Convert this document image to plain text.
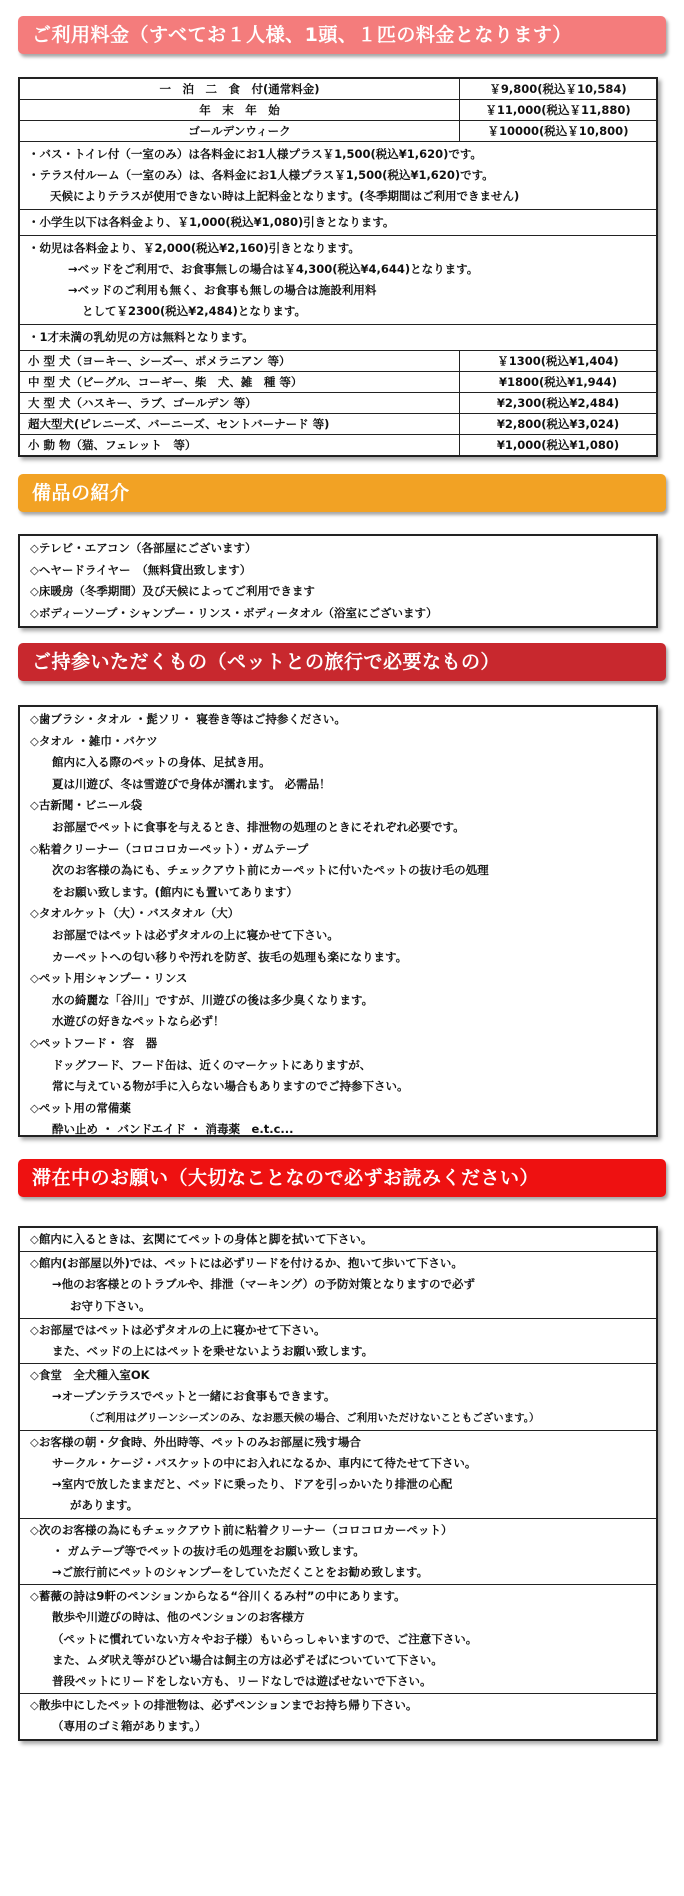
ご利用料金（すべてお１人様、1頭、１匹の料金となります）
一　泊　二　食　付(通常料金)	￥9,800(税込￥10,584)
年　末　年　始	￥11,000(税込￥11,880)
ゴールデンウィーク	￥10000(税込￥10,800)
・バス・トイレ付（一室のみ）は各料金にお1人様プラス￥1,500(税込¥1,620)です。
・テラス付ルーム（一室のみ）は、各料金にお1人様プラス￥1,500(税込¥1,620)です。
天候によりテラスが使用できない時は上記料金となります。(冬季期間はご利用できません)
・小学生以下は各料金より、￥1,000(税込¥1,080)引きとなります。
・幼児は各料金より、￥2,000(税込¥2,160)引きとなります。
→ベッドをご利用で、お食事無しの場合は￥4,300(税込¥4,644)となります。
→ベッドのご利用も無く、お食事も無しの場合は施設利用料
として￥2300(税込¥2,484)となります。
・1才未満の乳幼児の方は無料となります。
小 型 犬（ヨーキー、シーズー、ポメラニアン 等）	￥1300(税込¥1,404)
中 型 犬（ビーグル、コーギー、柴　犬、雑　種 等）	¥1800(税込¥1,944)
大 型 犬（ハスキー、ラブ、ゴールデン 等）	¥2,300(税込¥2,484)
超大型犬(ピレニーズ、バーニーズ、セントバーナード 等)	¥2,800(税込¥3,024)
小 動 物（猫、フェレット　等）	¥1,000(税込¥1,080)
備品の紹介
◇テレビ・エアコン（各部屋にございます）
◇ヘヤードライヤー　（無料貸出致します）
◇床暖房（冬季期間）及び天候によってご利用できます
◇ボディーソープ・シャンプー・リンス・ボディータオル（浴室にございます）
ご持参いただくもの（ペットとの旅行で必要なもの）
◇歯ブラシ・タオル ・髭ソリ・ 寝巻き等はご持参ください。
◇タオル ・雑巾・バケツ
館内に入る際のペットの身体、足拭き用。
夏は川遊び、冬は雪遊びで身体が濡れます。 必需品！
◇古新聞・ビニール袋
お部屋でペットに食事を与えるとき、排泄物の処理のときにそれぞれ必要です。
◇粘着クリーナー（コロコロカーペット）・ガムテープ
次のお客様の為にも、チェックアウト前にカーペットに付いたペットの抜け毛の処理
をお願い致します。(館内にも置いてあります）
◇タオルケット（大）・バスタオル（大）
お部屋ではペットは必ずタオルの上に寝かせて下さい。
カーペットへの匂い移りや汚れを防ぎ、抜毛の処理も楽になります。
◇ペット用シャンプー・リンス
水の綺麗な「谷川」ですが、川遊びの後は多少臭くなります。
水遊びの好きなペットなら必ず！
◇ペットフード・ 容　器
ドッグフード、フード缶は、近くのマーケットにありますが、
常に与えている物が手に入らない場合もありますのでご持参下さい。
◇ペット用の常備薬
酔い止め ・ バンドエイド ・ 消毒薬　e.t.c...
滞在中のお願い（大切なことなので必ずお読みください）
◇館内に入るときは、玄関にてペットの身体と脚を拭いて下さい。
◇館内(お部屋以外)では、ペットには必ずリードを付けるか、抱いて歩いて下さい。
→他のお客様とのトラブルや、排泄（マーキング）の予防対策となりますので必ず
お守り下さい。
◇お部屋ではペットは必ずタオルの上に寝かせて下さい。
また、ベッドの上にはペットを乗せないようお願い致します。
◇食堂　全犬種入室OK
→オープンテラスでペットと一緒にお食事もできます。
（ご利用はグリーンシーズンのみ、なお悪天候の場合、ご利用いただけないこともございます。）
◇お客様の朝・夕食時、外出時等、ペットのみお部屋に残す場合
サークル・ケージ・バスケットの中にお入れになるか、車内にて待たせて下さい。
→室内で放したままだと、ベッドに乗ったり、ドアを引っかいたり排泄の心配
があります。
◇次のお客様の為にもチェックアウト前に粘着クリーナー（コロコロカーペット）
・ ガムテープ等でペットの抜け毛の処理をお願い致します。
→ご旅行前にペットのシャンプーをしていただくことをお勧め致します。
◇蓄薇の詩は9軒のペンションからなる“谷川くるみ村”の中にあります。
散歩や川遊びの時は、他のペンションのお客様方
（ペットに慣れていない方々やお子様）もいらっしゃいますので、ご注意下さい。
また、ムダ吠え等がひどい場合は飼主の方は必ずそばについていて下さい。
普段ペットにリードをしない方も、リードなしでは遊ばせないで下さい。
◇散歩中にしたペットの排泄物は、必ずペンションまでお持ち帰り下さい。
（専用のゴミ箱があります。）
